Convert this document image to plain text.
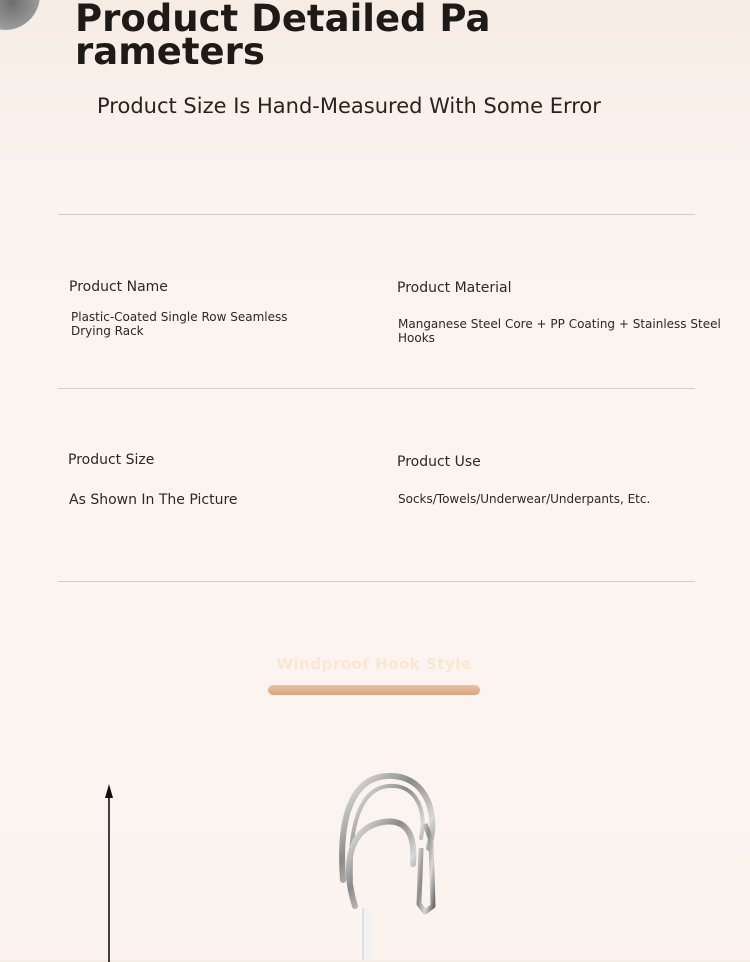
Product Detailed Parameters

Product Size Is Hand-Measured With Some Error

Product Name
Plastic-Coated Single Row Seamless
Drying Rack
Product Material
Manganese Steel Core + PP Coating + Stainless Steel Hooks
Product Size
As Shown In The Picture
Product Use
Socks/Towels/Underwear/Underpants, Etc.
Windproof Hook Style
